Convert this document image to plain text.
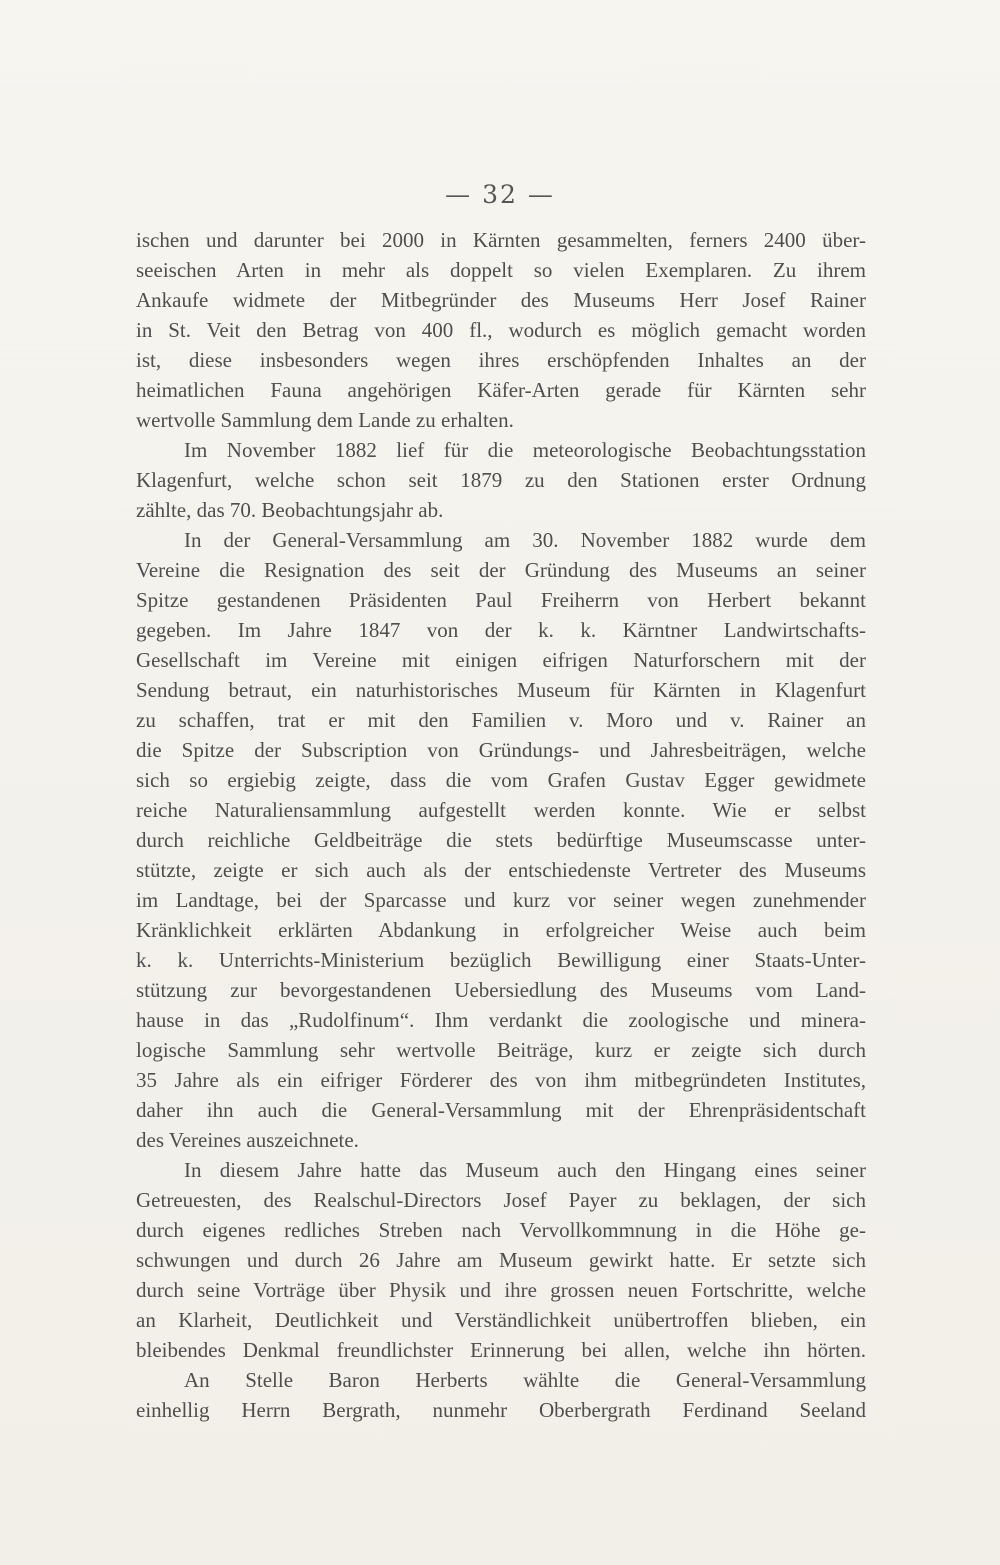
— 32 —
ischen und darunter bei 2000 in Kärnten gesammelten, ferners 2400 über-
seeischen Arten in mehr als doppelt so vielen Exemplaren. Zu ihrem
Ankaufe widmete der Mitbegründer des Museums Herr Josef Rainer
in St. Veit den Betrag von 400 fl., wodurch es möglich gemacht worden
ist, diese insbesonders wegen ihres erschöpfenden Inhaltes an der
heimatlichen Fauna angehörigen Käfer-Arten gerade für Kärnten sehr
wertvolle Sammlung dem Lande zu erhalten.
Im November 1882 lief für die meteorologische Beobachtungsstation
Klagenfurt, welche schon seit 1879 zu den Stationen erster Ordnung
zählte, das 70. Beobachtungsjahr ab.
In der General-Versammlung am 30. November 1882 wurde dem
Vereine die Resignation des seit der Gründung des Museums an seiner
Spitze gestandenen Präsidenten Paul Freiherrn von Herbert bekannt
gegeben. Im Jahre 1847 von der k. k. Kärntner Landwirtschafts-
Gesellschaft im Vereine mit einigen eifrigen Naturforschern mit der
Sendung betraut, ein naturhistorisches Museum für Kärnten in Klagenfurt
zu schaffen, trat er mit den Familien v. Moro und v. Rainer an
die Spitze der Subscription von Gründungs- und Jahresbeiträgen, welche
sich so ergiebig zeigte, dass die vom Grafen Gustav Egger gewidmete
reiche Naturaliensammlung aufgestellt werden konnte. Wie er selbst
durch reichliche Geldbeiträge die stets bedürftige Museumscasse unter-
stützte, zeigte er sich auch als der entschiedenste Vertreter des Museums
im Landtage, bei der Sparcasse und kurz vor seiner wegen zunehmender
Kränklichkeit erklärten Abdankung in erfolgreicher Weise auch beim
k. k. Unterrichts-Ministerium bezüglich Bewilligung einer Staats-Unter-
stützung zur bevorgestandenen Uebersiedlung des Museums vom Land-
hause in das „Rudolfinum“. Ihm verdankt die zoologische und minera-
logische Sammlung sehr wertvolle Beiträge, kurz er zeigte sich durch
35 Jahre als ein eifriger Förderer des von ihm mitbegründeten Institutes,
daher ihn auch die General-Versammlung mit der Ehrenpräsidentschaft
des Vereines auszeichnete.
In diesem Jahre hatte das Museum auch den Hingang eines seiner
Getreuesten, des Realschul-Directors Josef Payer zu beklagen, der sich
durch eigenes redliches Streben nach Vervollkommnung in die Höhe ge-
schwungen und durch 26 Jahre am Museum gewirkt hatte. Er setzte sich
durch seine Vorträge über Physik und ihre grossen neuen Fortschritte, welche
an Klarheit, Deutlichkeit und Verständlichkeit unübertroffen blieben, ein
bleibendes Denkmal freundlichster Erinnerung bei allen, welche ihn hörten.
An Stelle Baron Herberts wählte die General-Versammlung
einhellig Herrn Bergrath, nunmehr Oberbergrath Ferdinand Seeland
